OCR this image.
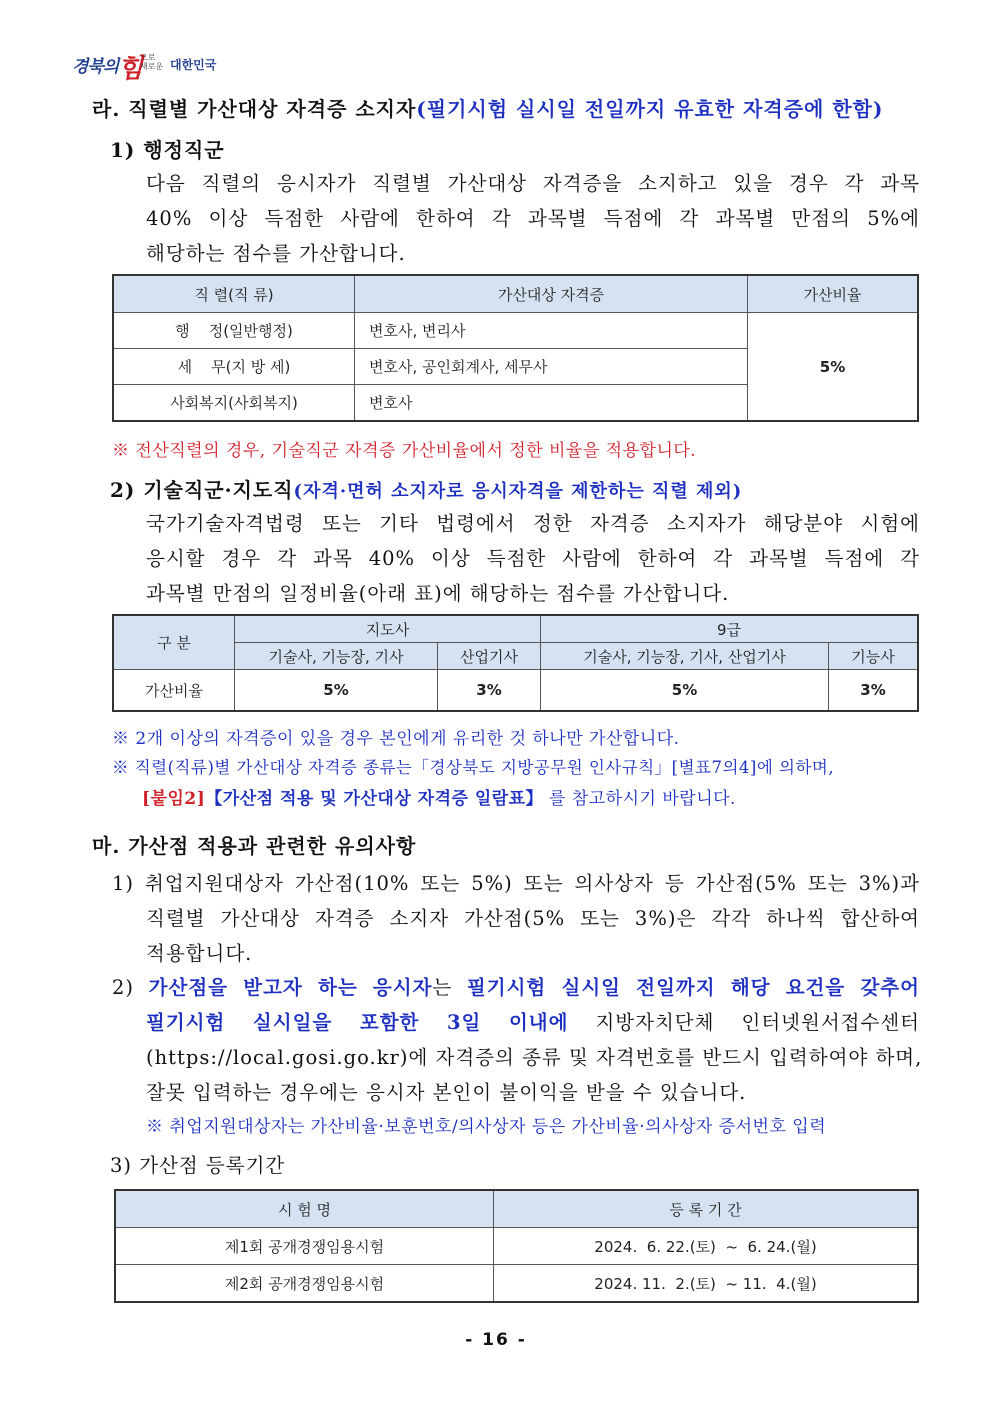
경북의 힘
으로
새로운 대한민국
라. 직렬별 가산대상 자격증 소지자(필기시험 실시일 전일까지 유효한 자격증에 한함)
1) 행정직군
다음 직렬의 응시자가 직렬별 가산대상 자격증을 소지하고 있을 경우 각 과목
40% 이상 득점한 사람에 한하여 각 과목별 득점에 각 과목별 만점의 5%에
해당하는 점수를 가산합니다.
직 렬(직 류)	가산대상 자격증	가산비율
행    정(일반행정)	변호사, 변리사	5%
세    무(지 방 세)	변호사, 공인회계사, 세무사	
사회복지(사회복지)	변호사	
※ 전산직렬의 경우, 기술직군 자격증 가산비율에서 정한 비율을 적용합니다.
2) 기술직군·지도직(자격·면허 소지자로 응시자격을 제한하는 직렬 제외)
국가기술자격법령 또는 기타 법령에서 정한 자격증 소지자가 해당분야 시험에
응시할 경우 각 과목 40% 이상 득점한 사람에 한하여 각 과목별 득점에 각
과목별 만점의 일정비율(아래 표)에 해당하는 점수를 가산합니다.
구 분	지도사		9급	
	기술사, 기능장, 기사	산업기사	기술사, 기능장, 기사, 산업기사	기능사
가산비율	5%	3%	5%	3%
※ 2개 이상의 자격증이 있을 경우 본인에게 유리한 것 하나만 가산합니다.
※ 직렬(직류)별 가산대상 자격증 종류는「경상북도 지방공무원 인사규칙」[별표7의4]에 의하며,
[붙임2]【가산점 적용 및 가산대상 자격증 일람표】 를 참고하시기 바랍니다.
마. 가산점 적용과 관련한 유의사항
1) 취업지원대상자 가산점(10% 또는 5%) 또는 의사상자 등 가산점(5% 또는 3%)과
직렬별 가산대상 자격증 소지자 가산점(5% 또는 3%)은 각각 하나씩 합산하여
적용합니다.
2) 가산점을 받고자 하는 응시자는 필기시험 실시일 전일까지 해당 요건을 갖추어
필기시험 실시일을 포함한 3일 이내에 지방자치단체 인터넷원서접수센터
(https://local.gosi.go.kr)에 자격증의 종류 및 자격번호를 반드시 입력하여야 하며,
잘못 입력하는 경우에는 응시자 본인이 불이익을 받을 수 있습니다.
※ 취업지원대상자는 가산비율·보훈번호/의사상자 등은 가산비율·의사상자 증서번호 입력
3) 가산점 등록기간
시 험 명	등 록 기 간
제1회 공개경쟁임용시험	2024.  6. 22.(토)  ~  6. 24.(월)
제2회 공개경쟁임용시험	2024. 11.  2.(토)  ~ 11.  4.(월)
- 16 -
